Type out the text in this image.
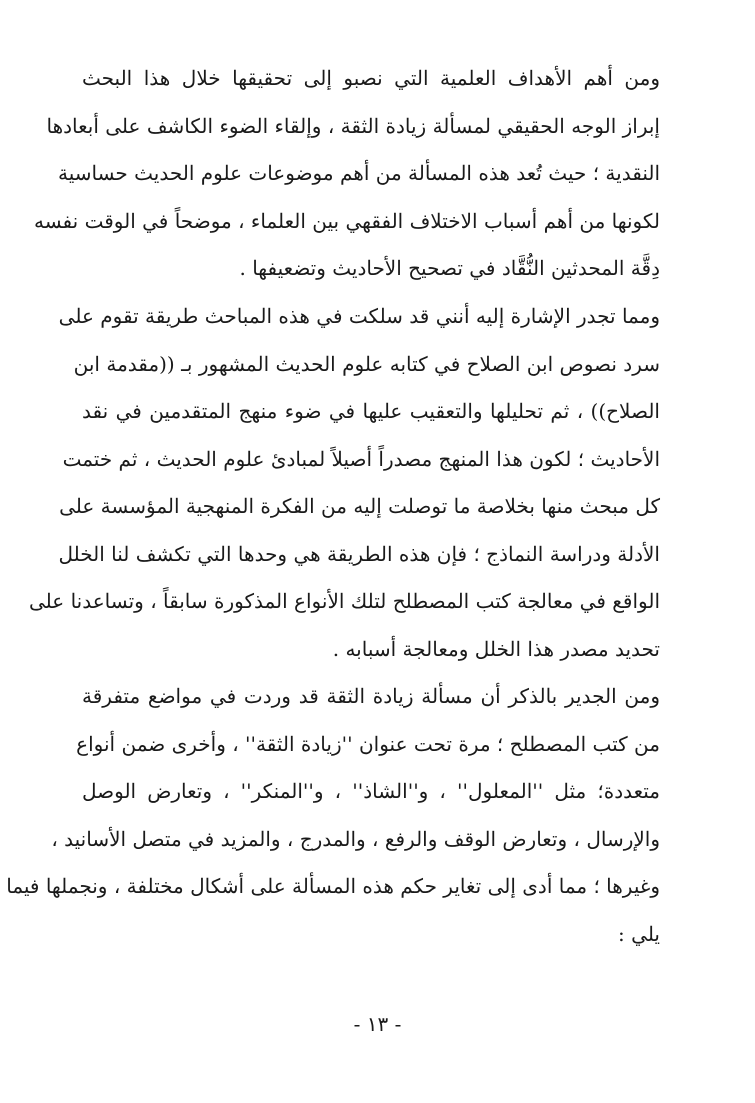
ومن أهم الأهداف العلمية التي نصبو إلى تحقيقها خلال هذا البحث
إبراز الوجه الحقيقي لمسألة زيادة الثقة ، وإلقاء الضوء الكاشف على أبعادها
النقدية ؛ حيث تُعد هذه المسألة من أهم موضوعات علوم الحديث حساسية
لكونها من أهم أسباب الاختلاف الفقهي بين العلماء ، موضحاً في الوقت نفسه
دِقَّة المحدثين النُّقَّاد في تصحيح الأحاديث وتضعيفها .
ومما تجدر الإشارة إليه أنني قد سلكت في هذه المباحث طريقة تقوم على
سرد نصوص ابن الصلاح في كتابه علوم الحديث المشهور بـ ((مقدمة ابن
الصلاح)) ، ثم تحليلها والتعقيب عليها في ضوء منهج المتقدمين في نقد
الأحاديث ؛ لكون هذا المنهج مصدراً أصيلاً لمبادئ علوم الحديث ، ثم ختمت
كل مبحث منها بخلاصة ما توصلت إليه من الفكرة المنهجية المؤسسة على
الأدلة ودراسة النماذج ؛ فإن هذه الطريقة هي وحدها التي تكشف لنا الخلل
الواقع في معالجة كتب المصطلح لتلك الأنواع المذكورة سابقاً ، وتساعدنا على
تحديد مصدر هذا الخلل ومعالجة أسبابه .
ومن الجدير بالذكر أن مسألة زيادة الثقة قد وردت في مواضع متفرقة
من كتب المصطلح ؛ مرة تحت عنوان ''زيادة الثقة'' ، وأخرى ضمن أنواع
متعددة؛ مثل ''المعلول'' ، و''الشاذ'' ، و''المنكر'' ، وتعارض الوصل
والإرسال ، وتعارض الوقف والرفع ، والمدرج ، والمزيد في متصل الأسانيد ،
وغيرها ؛ مما أدى إلى تغاير حكم هذه المسألة على أشكال مختلفة ، ونجملها فيما
يلي :
- ١٣ -
